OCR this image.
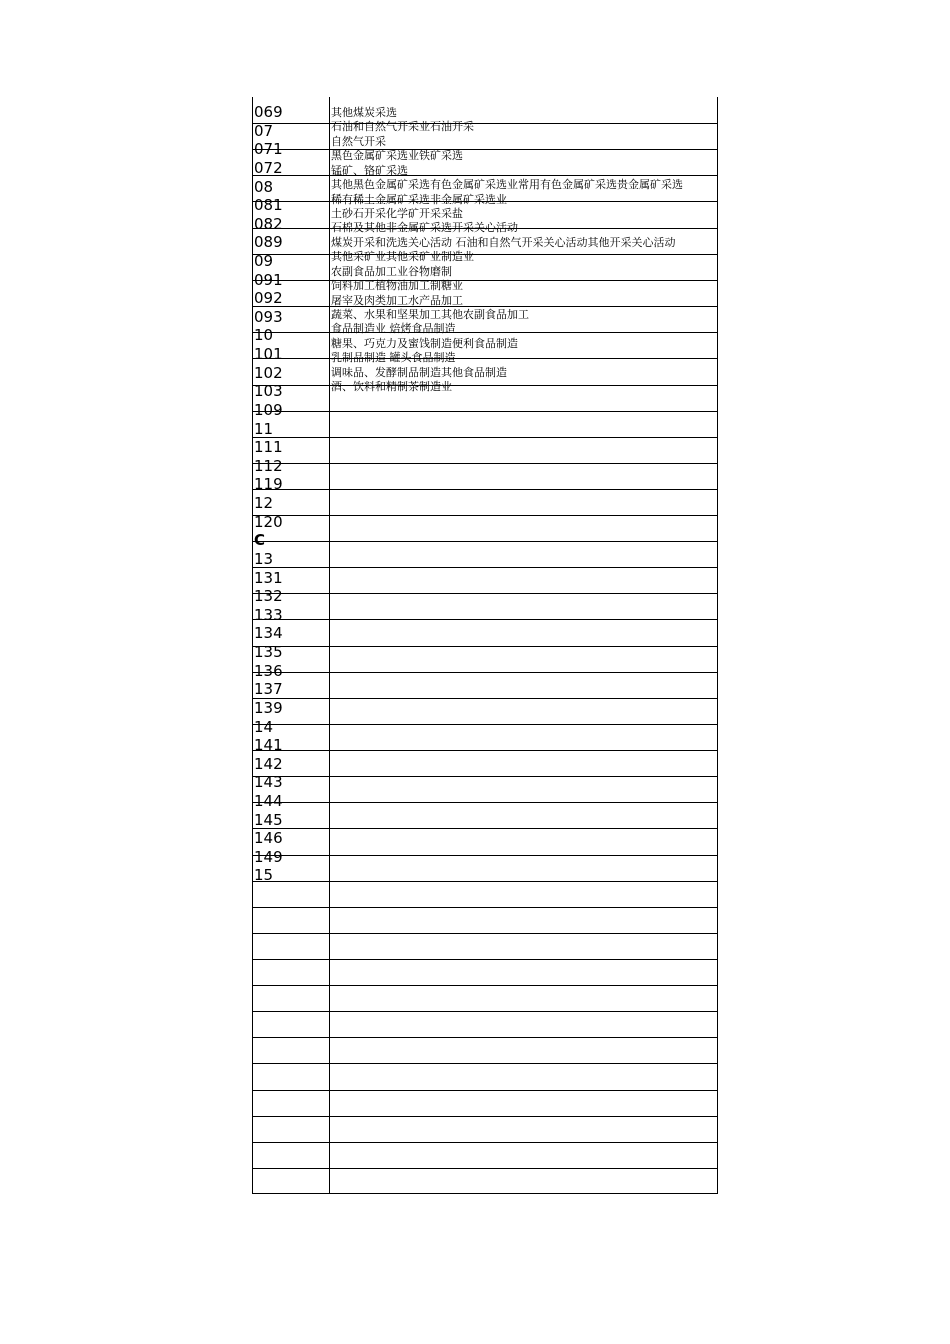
069
07
071
072
08
081
082
089
09
091
092
093
10
101
102
103
109
11
111
112
119
12
120
C
13
131
132
133
134
135
136
137
139
14
141
142
143
144
145
146
149
15
其他煤炭采选
石油和自然气开采业石油开采
自然气开采
黑色金属矿采选业铁矿采选
锰矿、铬矿采选
其他黑色金属矿采选有色金属矿采选业常用有色金属矿采选贵金属矿采选
稀有稀土金属矿采选非金属矿采选业
土砂石开采化学矿开采采盐
石棉及其他非金属矿采选开采关心活动
煤炭开采和洗选关心活动 石油和自然气开采关心活动其他开采关心活动
其他采矿业其他采矿业制造业
农副食品加工业谷物磨制
饲料加工植物油加工制糖业
屠宰及肉类加工水产品加工
蔬菜、水果和坚果加工其他农副食品加工
食品制造业 焙烤食品制造
糖果、巧克力及蜜饯制造便利食品制造
乳制品制造 罐头食品制造
调味品、发酵制品制造其他食品制造
酒、饮料和精制茶制造业
